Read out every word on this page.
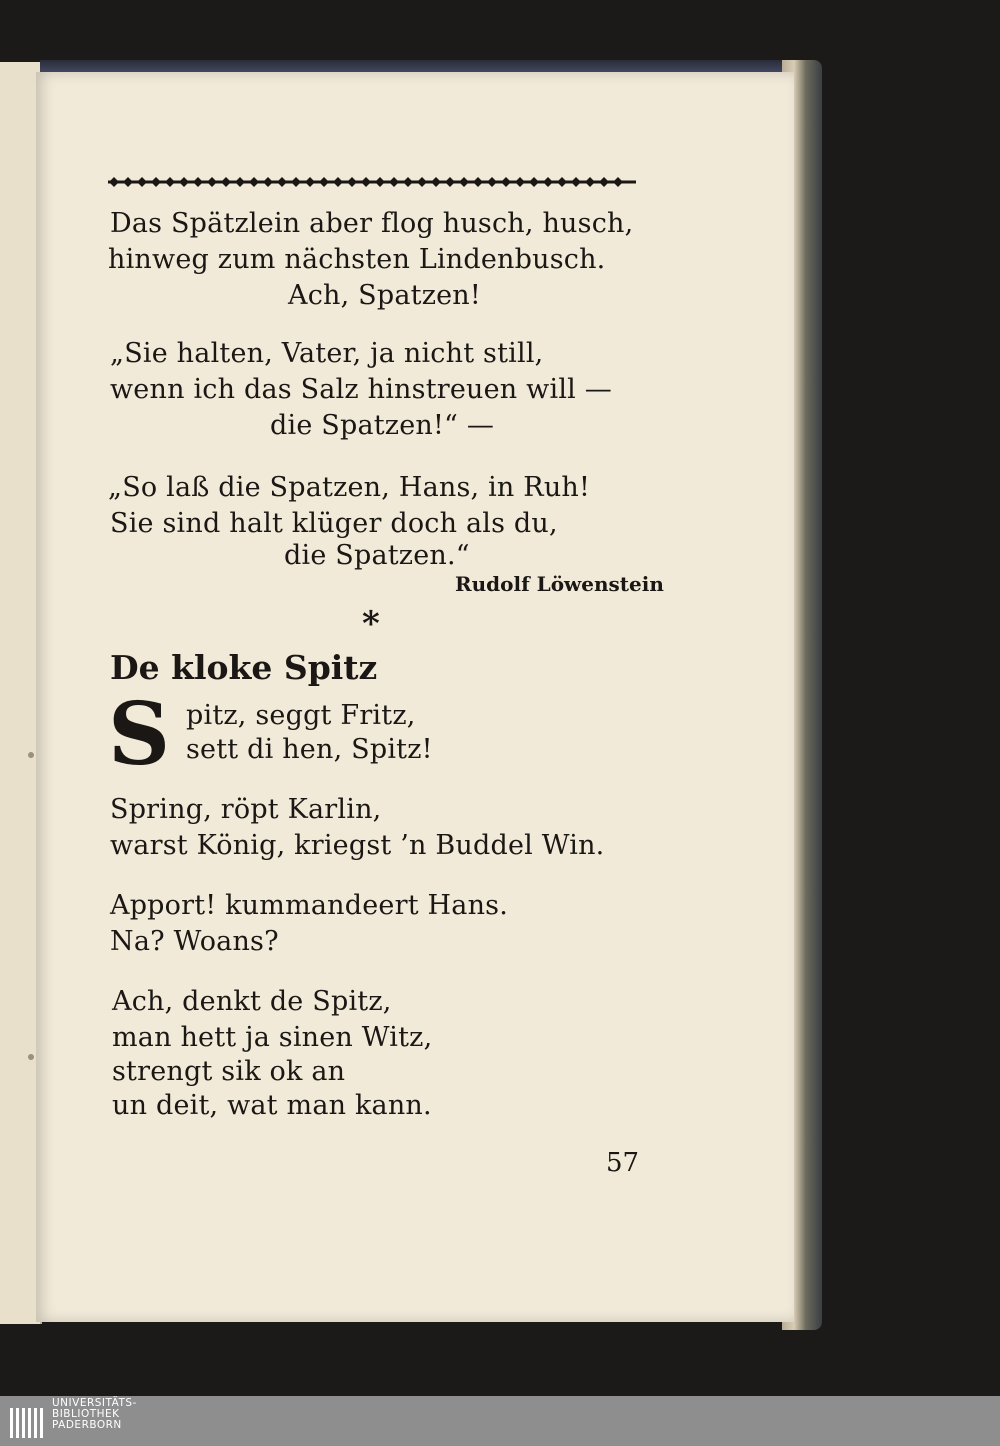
Das Spätzlein aber flog husch, husch,
hinweg zum nächsten Lindenbusch.
Ach, Spatzen!
„Sie halten, Vater, ja nicht still,
wenn ich das Salz hinstreuen will —
die Spatzen!“ —
„So laß die Spatzen, Hans, in Ruh!
Sie sind halt klüger doch als du,
die Spatzen.“
Rudolf Löwenstein
*
De kloke Spitz
S pitz, seggt Fritz,
sett di hen, Spitz!
Spring, röpt Karlin,
warst König, kriegst ’n Buddel Win.
Apport! kummandeert Hans.
Na? Woans?
Ach, denkt de Spitz,
man hett ja sinen Witz,
strengt sik ok an
un deit, wat man kann.
57
UNIVERSITÄTS-
BIBLIOTHEK
PADERBORN
